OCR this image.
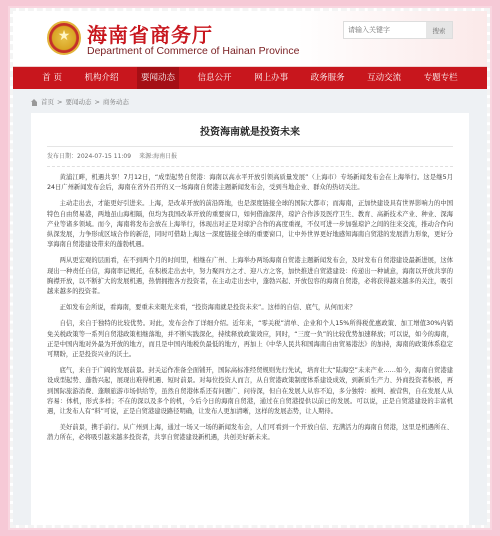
★
海南省商务厅
Department of Commerce of Hainan Province
请输入关键字
搜索
首 页	机构介绍	要闻动态	信息公开	网上办事	政务服务	互动交流	专题专栏
首页 > 要闻动态 > 商务动态
投资海南就是投资未来
发布日期：2024-07-15 11:09 来源:海南日报

黄浦江畔，机遇共享！7月12日，“成型起势自贸港：海南以高水平开放引领高质量发展”（上海市）专场新闻发布会在上海举行。这是继5月24日广州新闻发布会后，海南在省外召开的又一场海南自贸港主题新闻发布会，受到当地企业、群众的热切关注。

主动走出去，才能更好引进来。上海，是改革开放的前沿阵地，也是深度链接全球的国际大都市；而海南，正加快建设具有世界影响力的中国特色自由贸易港，两地虽山海相隔，但均为我国改革开放的重要窗口，如何借渝深萍，琼沪合作涉及医疗卫生、教育、高新技术产业、种业、深海产业等诸多领域。而今，海南将发布会放在上海举行，体现出对正是对琼沪合作的高度重视，不仅可进一步加强琼沪之间的往来交流，推动合作向纵深发展，力争形成区域合作的新范，同时可借助上海这一深度链接全球的重要窗口，让中外世界更好地感知海南自贸港的发展潜力形象，更好分享海南自贸港建设带来的蓬勃机遇。

两从更宏观的层面看，在不到两个月的时间里，相继在广州、上海举办两场海南自贸港主题新闻发布会，及时发布自贸港建设最新进展，这体现出一种责任自信，海南率记规托，在积极走出去中，努力聚四方之才、迎八方之客，加快推进自贸港建设：传递出一种诚意，海南以开放共享的胸襟开放，以不断扩大的发展机遇，热情拥抱各方投资者，在主动走出去中，蓬勃兴起、开放包容的海南自贸港，必将获得越来越多的关注，吸引越来越多的投资者。

正如发布会所说，看海南，要重未来眼光来看，“投资海南就是投资未来”。这样的自信、底气，从何而来？

自信，来自于独特的比较优势。对此，发布会作了详细介绍。近年来，“零关税”清单、企业和个人15%所得税优惠政策、加工增值30%内销免关税政策等一系列自贸港政策相继落地，并不断实践深化，持续释放政策效应，同时，“三度一负”的比较优势加速释放；可以说，如今的海南，正是中国内地对外最为开放的地方，而且是中国内地税负最低的地方，再加上《中华人民共和国海南自由贸易港法》的加持，海南的政策体系稳定可期盼，正是投资兴业的沃土。

底气，来自于广阔的发展前景。封关运作准备全面铺开，国际高标准经贸规则先行先试，培育壮大“陆海空”未来产业……如今，海南自贸港建设成型起势、蓬勃兴起，展现出难得机遇、短时前景。对每位投资人而言，从自贸港政策制度体系建设成效，到新质生产力、外商投资者积极，再到国际旅游消费、蓬顺旅游市场供给等，虽然自贸港体系还有问题广、问待深，但自在发展人从容不迫，多分独特：被判、被营售，自在发展人从容易：体机，形式多样；不在的深以及多个的机，今后今日的海南自贸港，通过在自贸港提供以前已的发展。可以说，正是自贸港建设的丰富机遇，让发布人有“料”可说，正是自贸港建设路径明确，让发布人更加清晰，这样的发展态势，让人期待。

美好前景，携手前行。从广州到上海，通过一场又一场的新闻发布会，人们可看到一个开放自信、充满活力的海南自贸港，这里是机遇所在、潜力所在，必将吸引越来越多投资者，共享自贸港建设新机遇，共创美好新未来。
